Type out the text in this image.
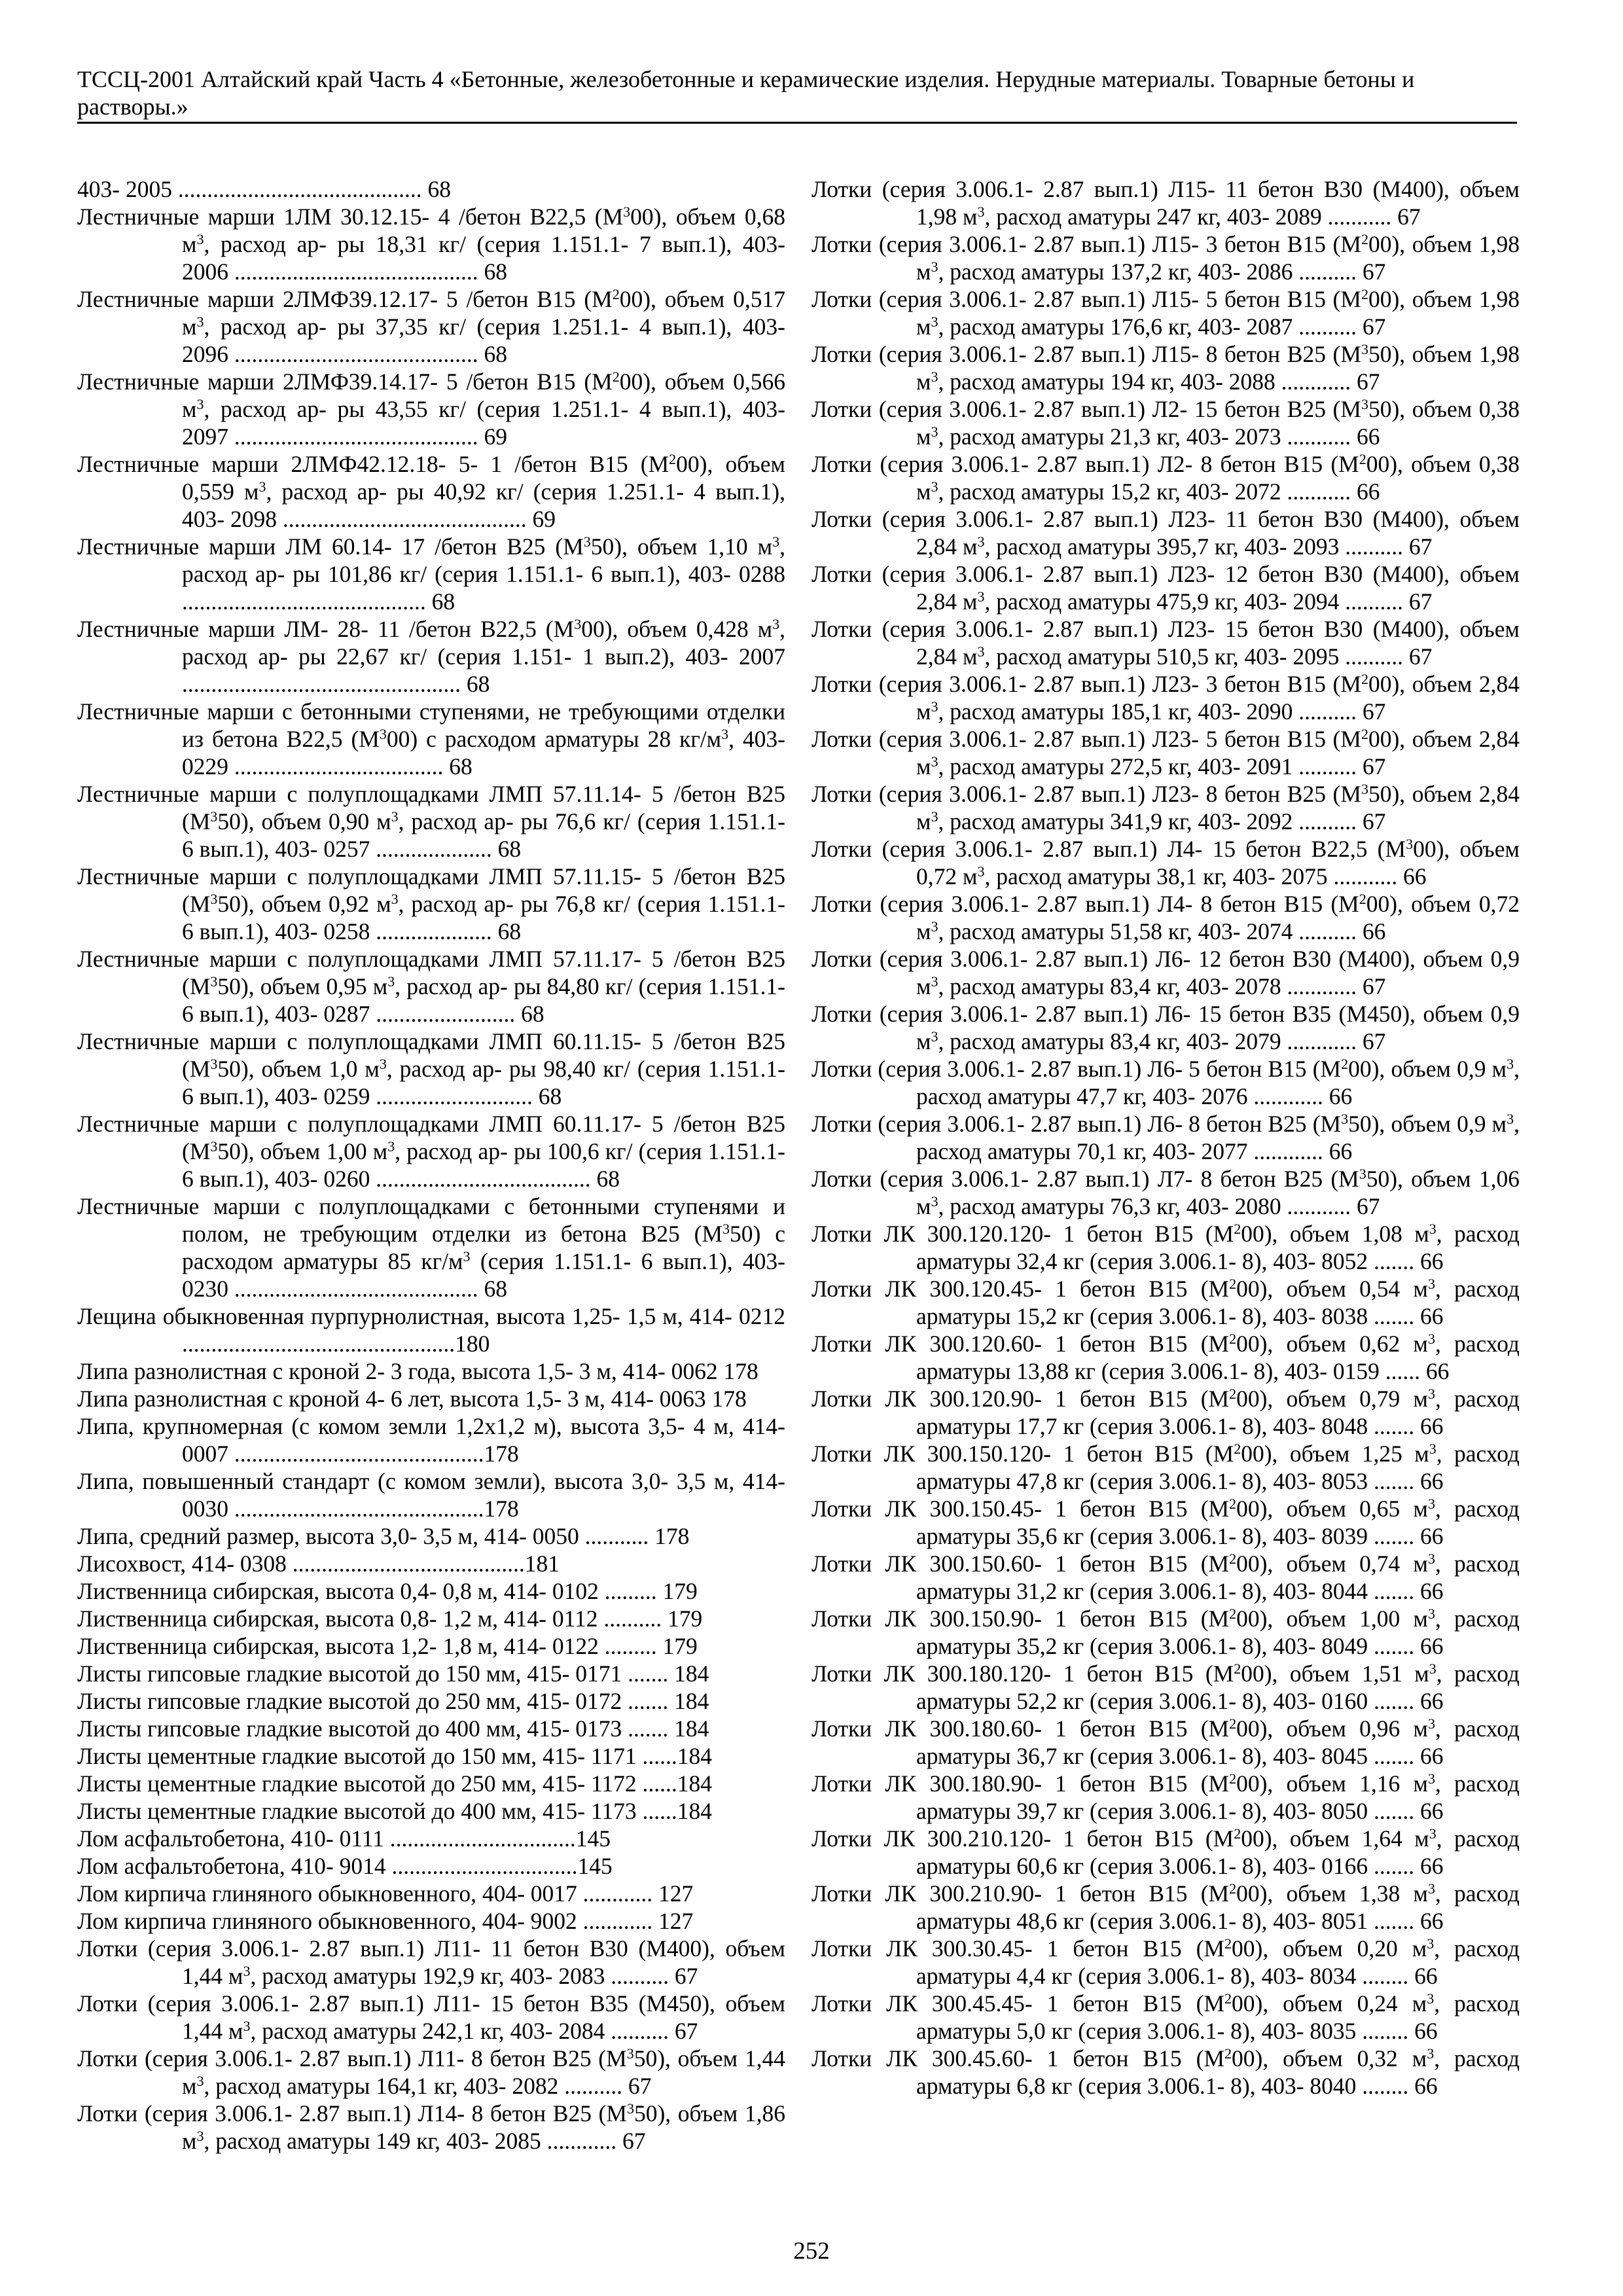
ТССЦ-2001 Алтайский край Часть 4 «Бетонные, железобетонные и керамические изделия. Нерудные материалы. Товарные бетоны и растворы.»
403- 2005 .......................................... 68
Лестничные марши 1ЛМ 30.12.15- 4 /бетон В22,5 $(М^300)$, объем 0,68 $м^3$, расход ар- ры 18,31 кг/ (серия 1.151.1- 7 вып.1), 403- 2006 .......................................... 68
Лестничные марши 2ЛМФ39.12.17- 5 /бетон В15 $(М^200)$, объем 0,517 $м^3$, расход ар- ры 37,35 кг/ (серия 1.251.1- 4 вып.1), 403- 2096 .......................................... 68
Лестничные марши 2ЛМФ39.14.17- 5 /бетон В15 $(М^200)$, объем 0,566 $м^3$, расход ар- ры 43,55 кг/ (серия 1.251.1- 4 вып.1), 403- 2097 .......................................... 69
Лестничные марши 2ЛМФ42.12.18- 5- 1 /бетон В15 $(М^200)$, объем 0,559 $м^3$, расход ар- ры 40,92 кг/ (серия 1.251.1- 4 вып.1), 403- 2098 .......................................... 69
Лестничные марши ЛМ 60.14- 17 /бетон В25 $(М^350)$, объем 1,10 $м^3$, расход ар- ры 101,86 кг/ (серия 1.151.1- 6 вып.1), 403- 0288 .......................................... 68
Лестничные марши ЛМ- 28- 11 /бетон В22,5 $(М^300)$, объем 0,428 $м^3$, расход ар- ры 22,67 кг/ (серия 1.151- 1 вып.2), 403- 2007 ................................................ 68
Лестничные марши с бетонными ступенями, не требующими отделки из бетона В22,5 $(М^300)$ с расходом арматуры 28 $кг/м^3$, 403- 0229 .................................... 68
Лестничные марши с полуплощадками ЛМП 57.11.14- 5 /бетон В25 $(М^350)$, объем 0,90 $м^3$, расход ар- ры 76,6 кг/ (серия 1.151.1- 6 вып.1), 403- 0257 .................... 68
Лестничные марши с полуплощадками ЛМП 57.11.15- 5 /бетон В25 $(М^350)$, объем 0,92 $м^3$, расход ар- ры 76,8 кг/ (серия 1.151.1- 6 вып.1), 403- 0258 .................... 68
Лестничные марши с полуплощадками ЛМП 57.11.17- 5 /бетон В25 $(М^350)$, объем 0,95 $м^3$, расход ар- ры 84,80 кг/ (серия 1.151.1- 6 вып.1), 403- 0287 ........................ 68
Лестничные марши с полуплощадками ЛМП 60.11.15- 5 /бетон В25 $(М^350)$, объем 1,0 $м^3$, расход ар- ры 98,40 кг/ (серия 1.151.1- 6 вып.1), 403- 0259 ........................... 68
Лестничные марши с полуплощадками ЛМП 60.11.17- 5 /бетон В25 $(М^350)$, объем 1,00 $м^3$, расход ар- ры 100,6 кг/ (серия 1.151.1- 6 вып.1), 403- 0260 ..................................... 68
Лестничные марши с полуплощадками с бетонными ступенями и полом, не требующим отделки из бетона В25 $(М^350)$ с расходом арматуры 85 $кг/м^3$ (серия 1.151.1- 6 вып.1), 403- 0230 .......................................... 68
Лещина обыкновенная пурпурнолистная, высота 1,25- 1,5 м, 414- 0212 ...............................................180
Липа разнолистная с кроной 2- 3 года, высота 1,5- 3 м, 414- 0062 178
Липа разнолистная с кроной 4- 6 лет, высота 1,5- 3 м, 414- 0063 178
Липа, крупномерная (с комом земли 1,2х1,2 м), высота 3,5- 4 м, 414- 0007 ...........................................178
Липа, повышенный стандарт (с комом земли), высота 3,0- 3,5 м, 414- 0030 ...........................................178
Липа, средний размер, высота 3,0- 3,5 м, 414- 0050 ........... 178
Лисохвост, 414- 0308 ........................................181
Лиственница сибирская, высота 0,4- 0,8 м, 414- 0102 ......... 179
Лиственница сибирская, высота 0,8- 1,2 м, 414- 0112 .......... 179
Лиственница сибирская, высота 1,2- 1,8 м, 414- 0122 ......... 179
Листы гипсовые гладкие высотой до 150 мм, 415- 0171 ....... 184
Листы гипсовые гладкие высотой до 250 мм, 415- 0172 ....... 184
Листы гипсовые гладкие высотой до 400 мм, 415- 0173 ....... 184
Листы цементные гладкие высотой до 150 мм, 415- 1171 ......184
Листы цементные гладкие высотой до 250 мм, 415- 1172 ......184
Листы цементные гладкие высотой до 400 мм, 415- 1173 ......184
Лом асфальтобетона, 410- 0111 ................................145
Лом асфальтобетона, 410- 9014 ................................145
Лом кирпича глиняного обыкновенного, 404- 0017 ............ 127
Лом кирпича глиняного обыкновенного, 404- 9002 ............ 127
Лотки (серия 3.006.1- 2.87 вып.1) Л11- 11 бетон В30 (М400), объем 1,44 $м^3$, расход аматуры 192,9 кг, 403- 2083 .......... 67
Лотки (серия 3.006.1- 2.87 вып.1) Л11- 15 бетон В35 (М450), объем 1,44 $м^3$, расход аматуры 242,1 кг, 403- 2084 .......... 67
Лотки (серия 3.006.1- 2.87 вып.1) Л11- 8 бетон В25 $(М^350)$, объем 1,44 $м^3$, расход аматуры 164,1 кг, 403- 2082 .......... 67
Лотки (серия 3.006.1- 2.87 вып.1) Л14- 8 бетон В25 $(М^350)$, объем 1,86 $м^3$, расход аматуры 149 кг, 403- 2085 ............ 67
Лотки (серия 3.006.1- 2.87 вып.1) Л15- 11 бетон В30 (М400), объем 1,98 $м^3$, расход аматуры 247 кг, 403- 2089 ........... 67
Лотки (серия 3.006.1- 2.87 вып.1) Л15- 3 бетон В15 $(М^200)$, объем 1,98 $м^3$, расход аматуры 137,2 кг, 403- 2086 .......... 67
Лотки (серия 3.006.1- 2.87 вып.1) Л15- 5 бетон В15 $(М^200)$, объем 1,98 $м^3$, расход аматуры 176,6 кг, 403- 2087 .......... 67
Лотки (серия 3.006.1- 2.87 вып.1) Л15- 8 бетон В25 $(М^350)$, объем 1,98 $м^3$, расход аматуры 194 кг, 403- 2088 ............ 67
Лотки (серия 3.006.1- 2.87 вып.1) Л2- 15 бетон В25 $(М^350)$, объем 0,38 $м^3$, расход аматуры 21,3 кг, 403- 2073 ........... 66
Лотки (серия 3.006.1- 2.87 вып.1) Л2- 8 бетон В15 $(М^200)$, объем 0,38 $м^3$, расход аматуры 15,2 кг, 403- 2072 ........... 66
Лотки (серия 3.006.1- 2.87 вып.1) Л23- 11 бетон В30 (М400), объем 2,84 $м^3$, расход аматуры 395,7 кг, 403- 2093 .......... 67
Лотки (серия 3.006.1- 2.87 вып.1) Л23- 12 бетон В30 (М400), объем 2,84 $м^3$, расход аматуры 475,9 кг, 403- 2094 .......... 67
Лотки (серия 3.006.1- 2.87 вып.1) Л23- 15 бетон В30 (М400), объем 2,84 $м^3$, расход аматуры 510,5 кг, 403- 2095 .......... 67
Лотки (серия 3.006.1- 2.87 вып.1) Л23- 3 бетон В15 $(М^200)$, объем 2,84 $м^3$, расход аматуры 185,1 кг, 403- 2090 .......... 67
Лотки (серия 3.006.1- 2.87 вып.1) Л23- 5 бетон В15 $(М^200)$, объем 2,84 $м^3$, расход аматуры 272,5 кг, 403- 2091 .......... 67
Лотки (серия 3.006.1- 2.87 вып.1) Л23- 8 бетон В25 $(М^350)$, объем 2,84 $м^3$, расход аматуры 341,9 кг, 403- 2092 .......... 67
Лотки (серия 3.006.1- 2.87 вып.1) Л4- 15 бетон В22,5 $(М^300)$, объем 0,72 $м^3$, расход аматуры 38,1 кг, 403- 2075 ........... 66
Лотки (серия 3.006.1- 2.87 вып.1) Л4- 8 бетон В15 $(М^200)$, объем 0,72 $м^3$, расход аматуры 51,58 кг, 403- 2074 .......... 66
Лотки (серия 3.006.1- 2.87 вып.1) Л6- 12 бетон В30 (М400), объем 0,9 $м^3$, расход аматуры 83,4 кг, 403- 2078 ............ 67
Лотки (серия 3.006.1- 2.87 вып.1) Л6- 15 бетон В35 (М450), объем 0,9 $м^3$, расход аматуры 83,4 кг, 403- 2079 ............ 67
Лотки (серия 3.006.1- 2.87 вып.1) Л6- 5 бетон В15 $(М^200)$, объем 0,9 $м^3$, расход аматуры 47,7 кг, 403- 2076 ............ 66
Лотки (серия 3.006.1- 2.87 вып.1) Л6- 8 бетон В25 $(М^350)$, объем 0,9 $м^3$, расход аматуры 70,1 кг, 403- 2077 ............ 66
Лотки (серия 3.006.1- 2.87 вып.1) Л7- 8 бетон В25 $(М^350)$, объем 1,06 $м^3$, расход аматуры 76,3 кг, 403- 2080 ........... 67
Лотки ЛК 300.120.120- 1 бетон В15 $(М^200)$, объем 1,08 $м^3$, расход арматуры 32,4 кг (серия 3.006.1- 8), 403- 8052 ....... 66
Лотки ЛК 300.120.45- 1 бетон В15 $(М^200)$, объем 0,54 $м^3$, расход арматуры 15,2 кг (серия 3.006.1- 8), 403- 8038 ....... 66
Лотки ЛК 300.120.60- 1 бетон В15 $(М^200)$, объем 0,62 $м^3$, расход арматуры 13,88 кг (серия 3.006.1- 8), 403- 0159 ...... 66
Лотки ЛК 300.120.90- 1 бетон В15 $(М^200)$, объем 0,79 $м^3$, расход арматуры 17,7 кг (серия 3.006.1- 8), 403- 8048 ....... 66
Лотки ЛК 300.150.120- 1 бетон В15 $(М^200)$, объем 1,25 $м^3$, расход арматуры 47,8 кг (серия 3.006.1- 8), 403- 8053 ....... 66
Лотки ЛК 300.150.45- 1 бетон В15 $(М^200)$, объем 0,65 $м^3$, расход арматуры 35,6 кг (серия 3.006.1- 8), 403- 8039 ....... 66
Лотки ЛК 300.150.60- 1 бетон В15 $(М^200)$, объем 0,74 $м^3$, расход арматуры 31,2 кг (серия 3.006.1- 8), 403- 8044 ....... 66
Лотки ЛК 300.150.90- 1 бетон В15 $(М^200)$, объем 1,00 $м^3$, расход арматуры 35,2 кг (серия 3.006.1- 8), 403- 8049 ....... 66
Лотки ЛК 300.180.120- 1 бетон В15 $(М^200)$, объем 1,51 $м^3$, расход арматуры 52,2 кг (серия 3.006.1- 8), 403- 0160 ....... 66
Лотки ЛК 300.180.60- 1 бетон В15 $(М^200)$, объем 0,96 $м^3$, расход арматуры 36,7 кг (серия 3.006.1- 8), 403- 8045 ....... 66
Лотки ЛК 300.180.90- 1 бетон В15 $(М^200)$, объем 1,16 $м^3$, расход арматуры 39,7 кг (серия 3.006.1- 8), 403- 8050 ....... 66
Лотки ЛК 300.210.120- 1 бетон В15 $(М^200)$, объем 1,64 $м^3$, расход арматуры 60,6 кг (серия 3.006.1- 8), 403- 0166 ....... 66
Лотки ЛК 300.210.90- 1 бетон В15 $(М^200)$, объем 1,38 $м^3$, расход арматуры 48,6 кг (серия 3.006.1- 8), 403- 8051 ....... 66
Лотки ЛК 300.30.45- 1 бетон В15 $(М^200)$, объем 0,20 $м^3$, расход арматуры 4,4 кг (серия 3.006.1- 8), 403- 8034 ........ 66
Лотки ЛК 300.45.45- 1 бетон В15 $(М^200)$, объем 0,24 $м^3$, расход арматуры 5,0 кг (серия 3.006.1- 8), 403- 8035 ........ 66
Лотки ЛК 300.45.60- 1 бетон В15 $(М^200)$, объем 0,32 $м^3$, расход арматуры 6,8 кг (серия 3.006.1- 8), 403- 8040 ........ 66
252
